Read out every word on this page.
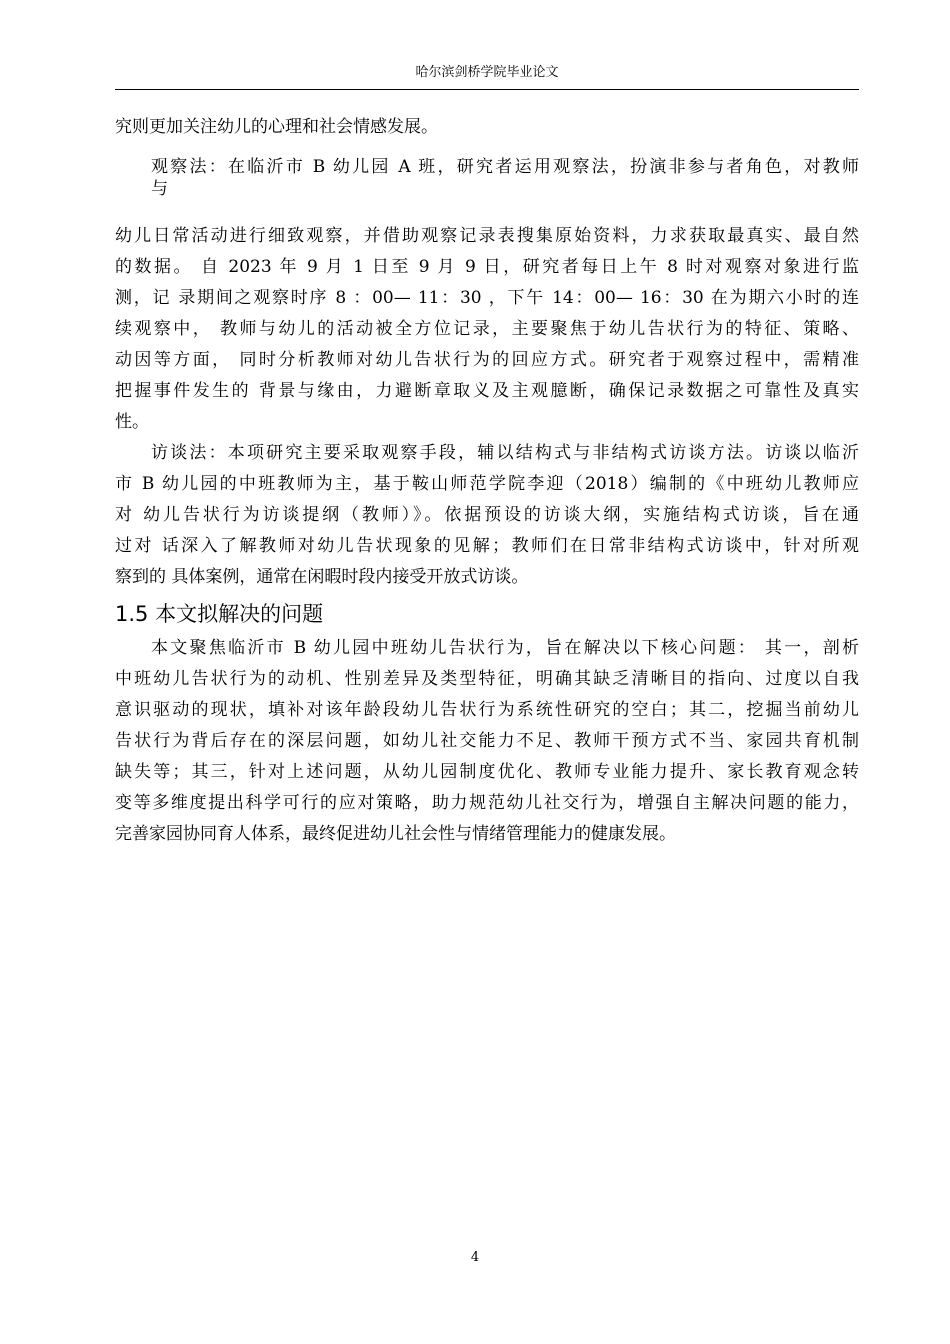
哈尔滨剑桥学院毕业论文
究则更加关注幼儿的心理和社会情感发展。
观察法：在临沂市 B 幼儿园 A 班，研究者运用观察法，扮演非参与者角色，对教师
与
幼儿日常活动进行细致观察，并借助观察记录表搜集原始资料，力求获取最真实、最自然
的数据。 自 2023 年 9 月 1 日至 9 月 9 日，研究者每日上午 8 时对观察对象进行监
测，记 录期间之观察时序 8 ：00— 11：30 ，下午 14：00— 16：30 在为期六小时的连
续观察中， 教师与幼儿的活动被全方位记录，主要聚焦于幼儿告状行为的特征、策略、
动因等方面， 同时分析教师对幼儿告状行为的回应方式。研究者于观察过程中，需精准
把握事件发生的 背景与缘由，力避断章取义及主观臆断，确保记录数据之可靠性及真实
性。
访谈法：本项研究主要采取观察手段，辅以结构式与非结构式访谈方法。访谈以临沂
市 B 幼儿园的中班教师为主，基于鞍山师范学院李迎（2018）编制的《中班幼儿教师应
对 幼儿告状行为访谈提纲（教师）》。依据预设的访谈大纲，实施结构式访谈，旨在通
过对 话深入了解教师对幼儿告状现象的见解；教师们在日常非结构式访谈中，针对所观
察到的 具体案例，通常在闲暇时段内接受开放式访谈。
1.5 本文拟解决的问题
本文聚焦临沂市 B 幼儿园中班幼儿告状行为，旨在解决以下核心问题： 其一，剖析
中班幼儿告状行为的动机、性别差异及类型特征，明确其缺乏清晰目的指向、过度以自我
意识驱动的现状，填补对该年龄段幼儿告状行为系统性研究的空白；其二，挖掘当前幼儿
告状行为背后存在的深层问题，如幼儿社交能力不足、教师干预方式不当、家园共育机制
缺失等；其三，针对上述问题，从幼儿园制度优化、教师专业能力提升、家长教育观念转
变等多维度提出科学可行的应对策略，助力规范幼儿社交行为，增强自主解决问题的能力，
完善家园协同育人体系，最终促进幼儿社会性与情绪管理能力的健康发展。
4
